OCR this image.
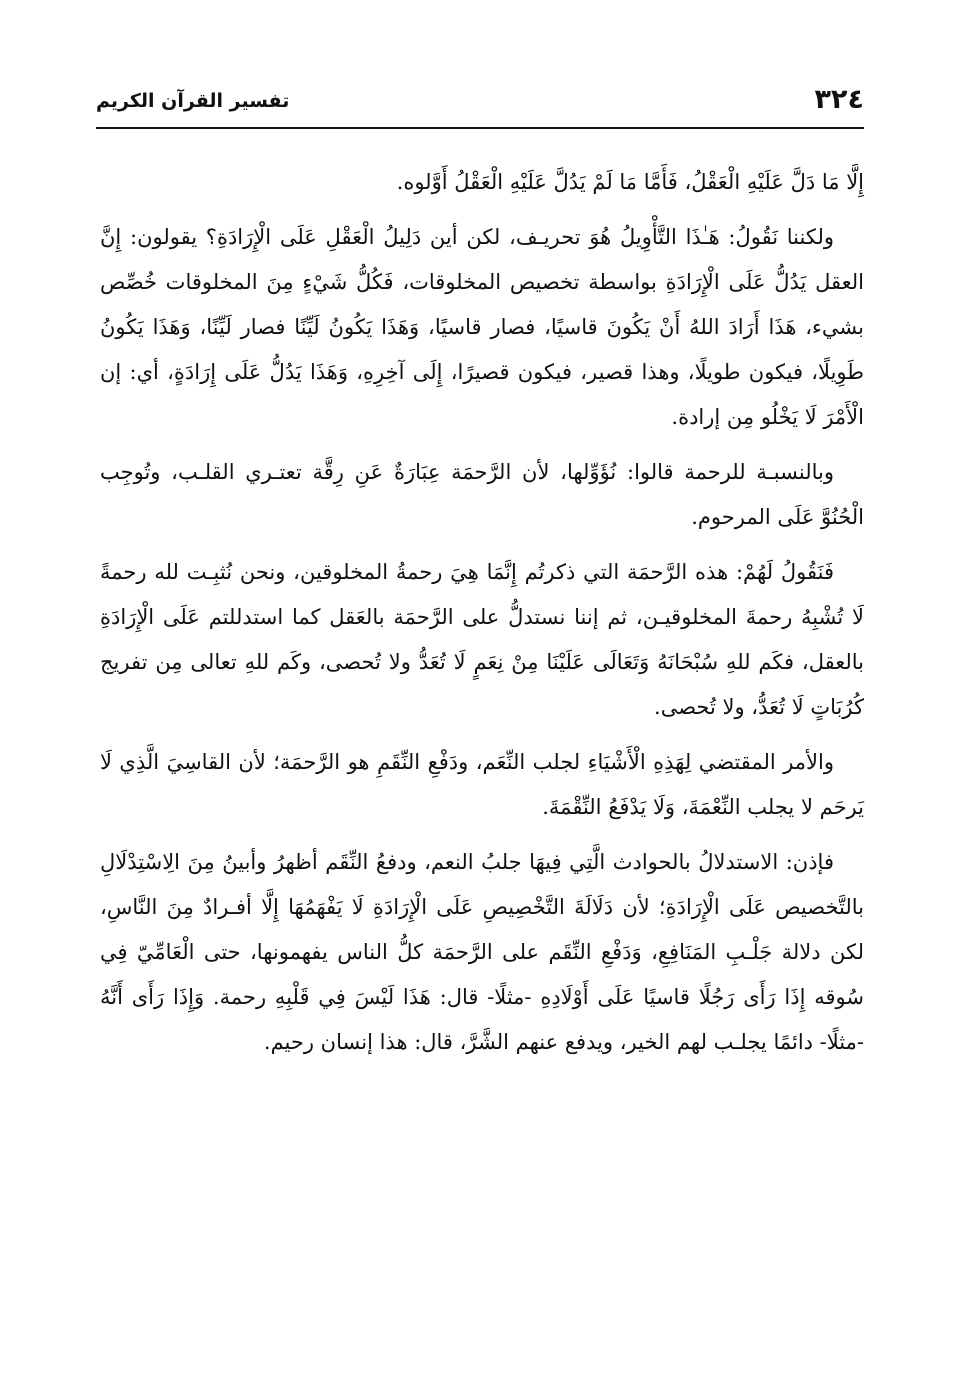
٣٢٤
تفسير القرآن الكريم

إِلَّا مَا دَلَّ عَلَيْهِ الْعَقْلُ، فَأَمَّا مَا لَمْ يَدُلَّ عَلَيْهِ الْعَقْلُ أَوَّلوه.

ولكننا نَقُولُ: هَـٰذَا التَّأْوِيلُ هُوَ تحريـف، لكن أين دَلِيلُ الْعَقْلِ عَلَى الْإِرَادَةِ؟ يقولون: إِنَّ العقل يَدُلُّ عَلَى الْإِرَادَةِ بواسطة تخصيص المخلوقات، فَكُلُّ شَيْءٍ مِنَ المخلوقات خُصِّص بشيء، هَذَا أَرَادَ اللهُ أَنْ يَكُونَ قاسيًا، فصار قاسيًا، وَهَذَا يَكُونُ لَيِّنًا فصار لَيِّنًا، وَهَذَا يَكُونُ طَوِيلًا، فيكون طويلًا، وهذا قصير، فيكون قصيرًا، إِلَى آخِرِهِ، وَهَذَا يَدُلُّ عَلَى إِرَادَةٍ، أي: إن الْأَمْرَ لَا يَخْلُو مِن إرادة.

وبالنسبـة للرحمة قالوا: نُؤَوِّلها، لأن الرَّحمَة عِبَارَةٌ عَنِ رِقَّة تعتـري القلـب، وتُوجِب الْحُنُوَّ عَلَى المرحوم.

فَنَقُولُ لَهُمْ: هذه الرَّحمَة التي ذكرتُم إِنَّمَا هِيَ رحمةُ المخلوقين، ونحن نُثبِـت لله رحمةً لَا تُشْبِهُ رحمةَ المخلوقيـن، ثم إننا نستدلُّ على الرَّحمَة بالعَقل كما استدللتم عَلَى الْإِرَادَةِ بالعقل، فكَم للهِ سُبْحَانَهُ وَتَعَالَى عَلَيْنَا مِنْ نِعَمٍ لَا تُعَدُّ ولا تُحصى، وكَم للهِ تعالى مِن تفريج كُرُبَاتٍ لَا تُعَدُّ، ولا تُحصى.

والأمر المقتضي لِهَذِهِ الْأَشْيَاءِ لجلب النِّعَم، ودَفْعِ النِّقَمِ هو الرَّحمَة؛ لأن القاسِيَ الَّذِي لَا يَرحَم لا يجلب النِّعْمَةَ، وَلَا يَدْفَعُ النِّقْمَةَ.

فإذن: الاستدلالُ بالحوادث الَّتِي فِيهَا جلبُ النعم، ودفعُ النِّقَم أظهرُ وأبينُ مِنَ الِاسْتِدْلَالِ بالتَّخصيص عَلَى الْإِرَادَةِ؛ لأن دَلَالَةَ التَّخْصِيصِ عَلَى الْإِرَادَةِ لَا يَفْهَمُهَا إِلَّا أفـرادٌ مِنَ النَّاسِ، لكن دلالة جَلْـبِ المَنَافِعِ، وَدَفْعِ النِّقَم على الرَّحمَة كلُّ الناس يفهمونها، حتى الْعَامِّيّ فِي سُوقه إِذَا رَأَى رَجُلًا قاسيًا عَلَى أَوْلَادِهِ -مثلًا- قال: هَذَا لَيْسَ فِي قَلْبِهِ رحمة. وَإِذَا رَأَى أَنَّهُ -مثلًا- دائمًا يجلـب لهم الخير، ويدفع عنهم الشَّرَّ، قال: هذا إنسان رحيم.
